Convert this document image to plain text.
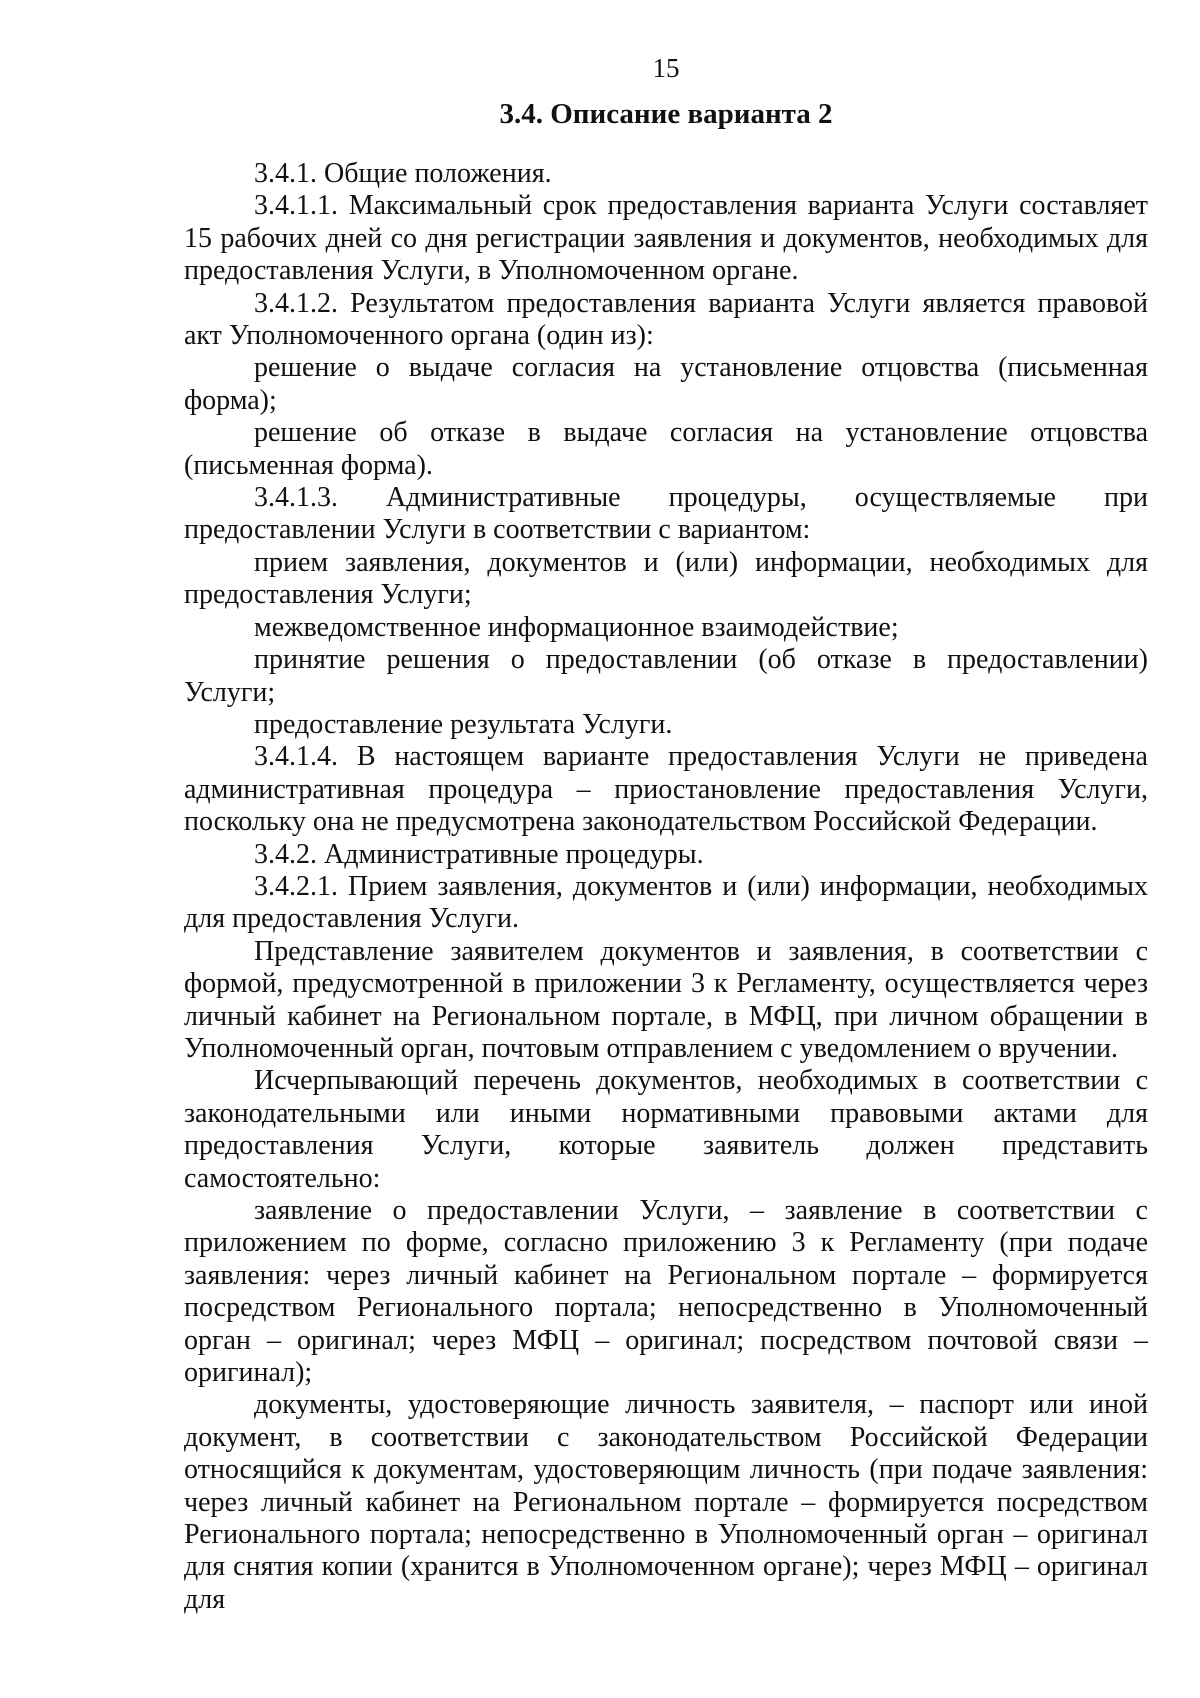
15
3.4. Описание варианта 2

3.4.1. Общие положения.

3.4.1.1. Максимальный срок предоставления варианта Услуги составляет 15 рабочих дней со дня регистрации заявления и документов, необходимых для предоставления Услуги, в Уполномоченном органе.

3.4.1.2. Результатом предоставления варианта Услуги является правовой акт Уполномоченного органа (один из):

решение о выдаче согласия на установление отцовства (письменная форма);

решение об отказе в выдаче согласия на установление отцовства (письменная форма).

3.4.1.3. Административные процедуры, осуществляемые при предоставлении Услуги в соответствии с вариантом:

прием заявления, документов и (или) информации, необходимых для предоставления Услуги;

межведомственное информационное взаимодействие;

принятие решения о предоставлении (об отказе в предоставлении) Услуги;

предоставление результата Услуги.

3.4.1.4. В настоящем варианте предоставления Услуги не приведена административная процедура – приостановление предоставления Услуги, поскольку она не предусмотрена законодательством Российской Федерации.

3.4.2. Административные процедуры.

3.4.2.1. Прием заявления, документов и (или) информации, необходимых для предоставления Услуги.

Представление заявителем документов и заявления, в соответствии с формой, предусмотренной в приложении 3 к Регламенту, осуществляется через личный кабинет на Региональном портале, в МФЦ, при личном обращении в Уполномоченный орган, почтовым отправлением с уведомлением о вручении.

Исчерпывающий перечень документов, необходимых в соответствии с законодательными или иными нормативными правовыми актами для предоставления Услуги, которые заявитель должен представить самостоятельно:

заявление о предоставлении Услуги, – заявление в соответствии с приложением по форме, согласно приложению 3 к Регламенту (при подаче заявления: через личный кабинет на Региональном портале – формируется посредством Регионального портала; непосредственно в Уполномоченный орган – оригинал; через МФЦ – оригинал; посредством почтовой связи – оригинал);

документы, удостоверяющие личность заявителя, – паспорт или иной документ, в соответствии с законодательством Российской Федерации относящийся к документам, удостоверяющим личность (при подаче заявления: через личный кабинет на Региональном портале – формируется посредством Регионального портала; непосредственно в Уполномоченный орган – оригинал для снятия копии (хранится в Уполномоченном органе); через МФЦ – оригинал для
